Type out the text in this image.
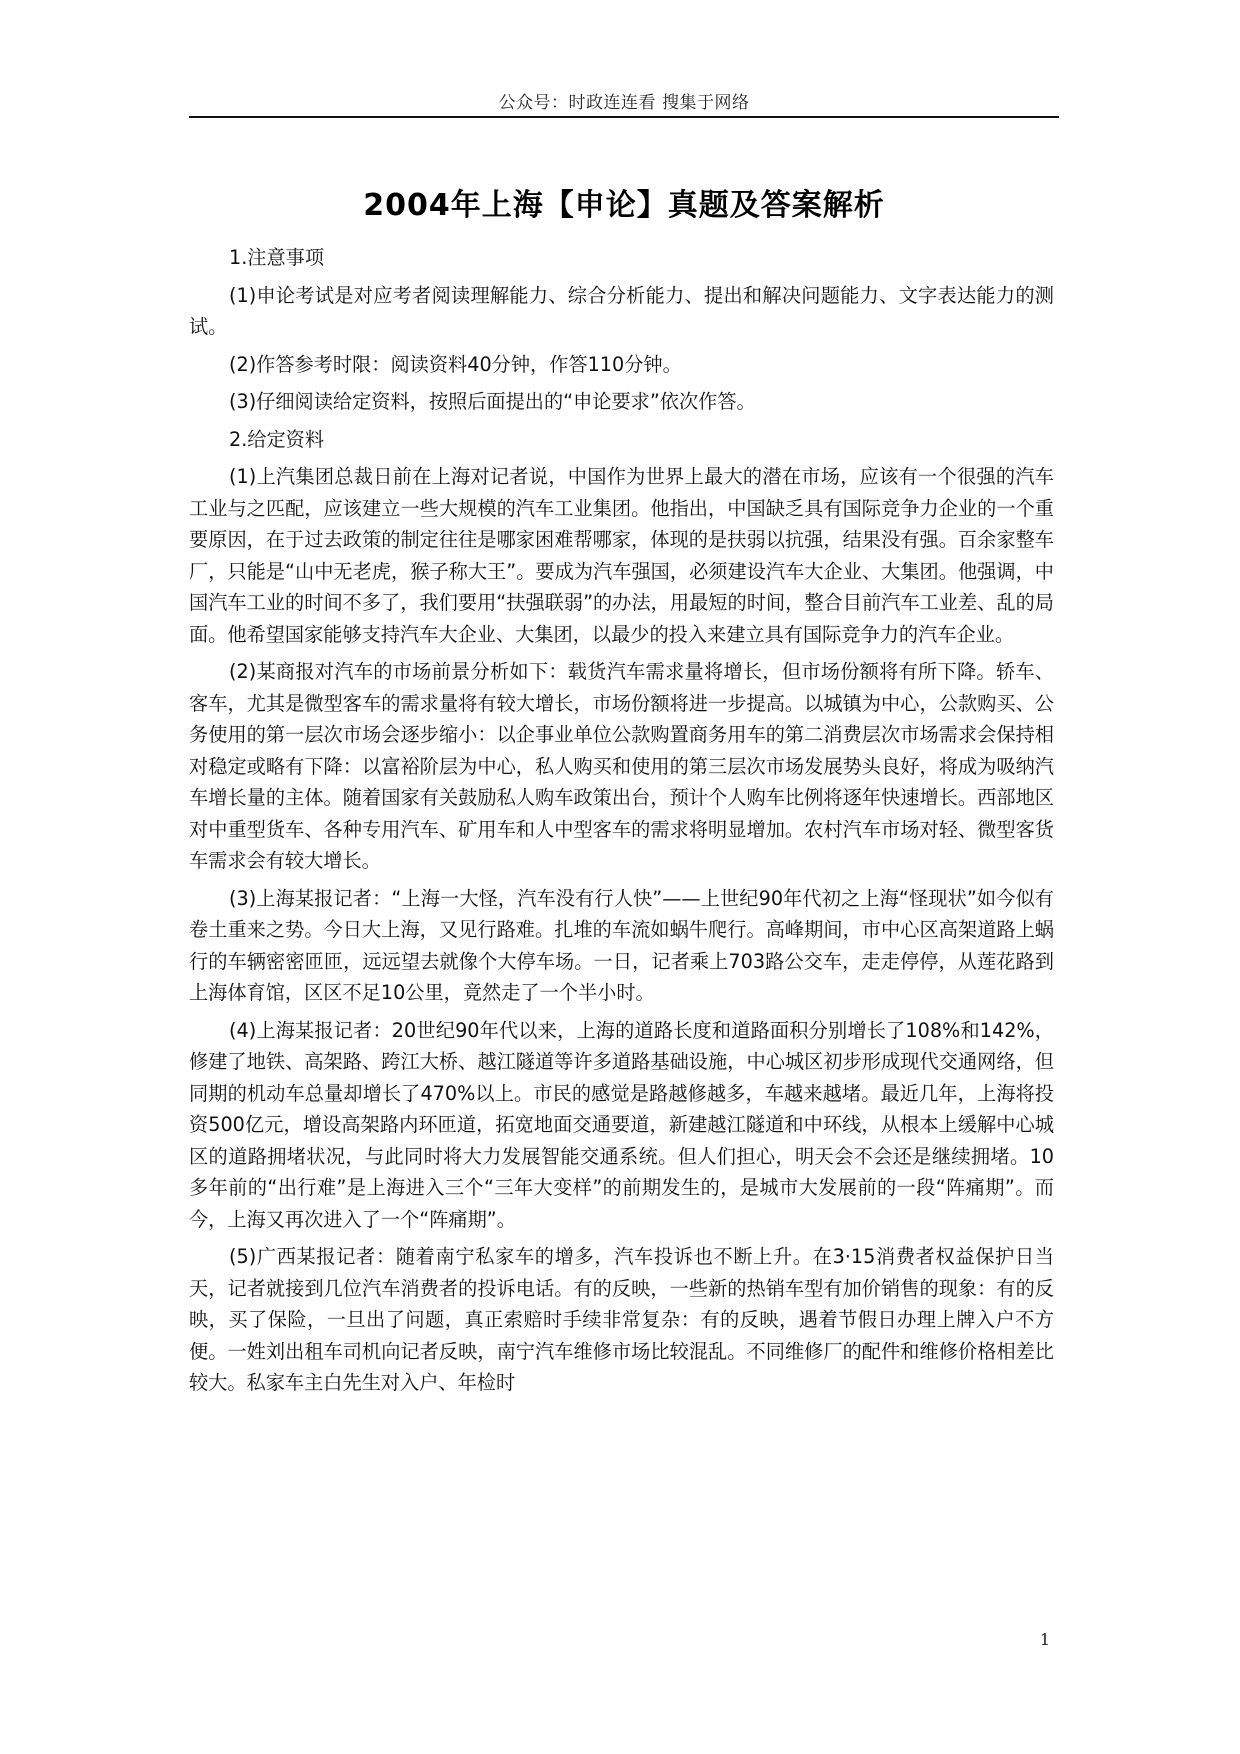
公众号：时政连连看 搜集于网络
2004年上海【申论】真题及答案解析

1.注意事项

(1)申论考试是对应考者阅读理解能力、综合分析能力、提出和解决问题能力、文字表达能力的测试。

(2)作答参考时限：阅读资料40分钟，作答110分钟。

(3)仔细阅读给定资料，按照后面提出的“申论要求”依次作答。

2.给定资料

(1)上汽集团总裁日前在上海对记者说，中国作为世界上最大的潜在市场，应该有一个很强的汽车工业与之匹配，应该建立一些大规模的汽车工业集团。他指出，中国缺乏具有国际竞争力企业的一个重要原因，在于过去政策的制定往往是哪家困难帮哪家，体现的是扶弱以抗强，结果没有强。百余家整车厂，只能是“山中无老虎，猴子称大王”。要成为汽车强国，必须建设汽车大企业、大集团。他强调，中国汽车工业的时间不多了，我们要用“扶强联弱”的办法，用最短的时间，整合目前汽车工业差、乱的局面。他希望国家能够支持汽车大企业、大集团，以最少的投入来建立具有国际竞争力的汽车企业。

(2)某商报对汽车的市场前景分析如下：载货汽车需求量将增长，但市场份额将有所下降。轿车、客车，尤其是微型客车的需求量将有较大增长，市场份额将进一步提高。以城镇为中心，公款购买、公务使用的第一层次市场会逐步缩小：以企事业单位公款购置商务用车的第二消费层次市场需求会保持相对稳定或略有下降：以富裕阶层为中心，私人购买和使用的第三层次市场发展势头良好，将成为吸纳汽车增长量的主体。随着国家有关鼓励私人购车政策出台，预计个人购车比例将逐年快速增长。西部地区对中重型货车、各种专用汽车、矿用车和人中型客车的需求将明显增加。农村汽车市场对轻、微型客货车需求会有较大增长。

(3)上海某报记者：“上海一大怪，汽车没有行人快”——上世纪90年代初之上海“怪现状”如今似有卷土重来之势。今日大上海，又见行路难。扎堆的车流如蜗牛爬行。高峰期间，市中心区高架道路上蜗行的车辆密密匝匝，远远望去就像个大停车场。一日，记者乘上703路公交车，走走停停，从莲花路到上海体育馆，区区不足10公里，竟然走了一个半小时。

(4)上海某报记者：20世纪90年代以来，上海的道路长度和道路面积分别增长了108%和142%，修建了地铁、高架路、跨江大桥、越江隧道等许多道路基础设施，中心城区初步形成现代交通网络，但同期的机动车总量却增长了470%以上。市民的感觉是路越修越多，车越来越堵。最近几年，上海将投资500亿元，增设高架路内环匝道，拓宽地面交通要道，新建越江隧道和中环线，从根本上缓解中心城区的道路拥堵状况，与此同时将大力发展智能交通系统。但人们担心，明天会不会还是继续拥堵。10多年前的“出行难”是上海进入三个“三年大变样”的前期发生的，是城市大发展前的一段“阵痛期”。而今，上海又再次进入了一个“阵痛期”。

(5)广西某报记者：随着南宁私家车的增多，汽车投诉也不断上升。在3·15消费者权益保护日当天，记者就接到几位汽车消费者的投诉电话。有的反映，一些新的热销车型有加价销售的现象：有的反映，买了保险，一旦出了问题，真正索赔时手续非常复杂：有的反映，遇着节假日办理上牌入户不方便。一姓刘出租车司机向记者反映，南宁汽车维修市场比较混乱。不同维修厂的配件和维修价格相差比较大。私家车主白先生对入户、年检时

1
